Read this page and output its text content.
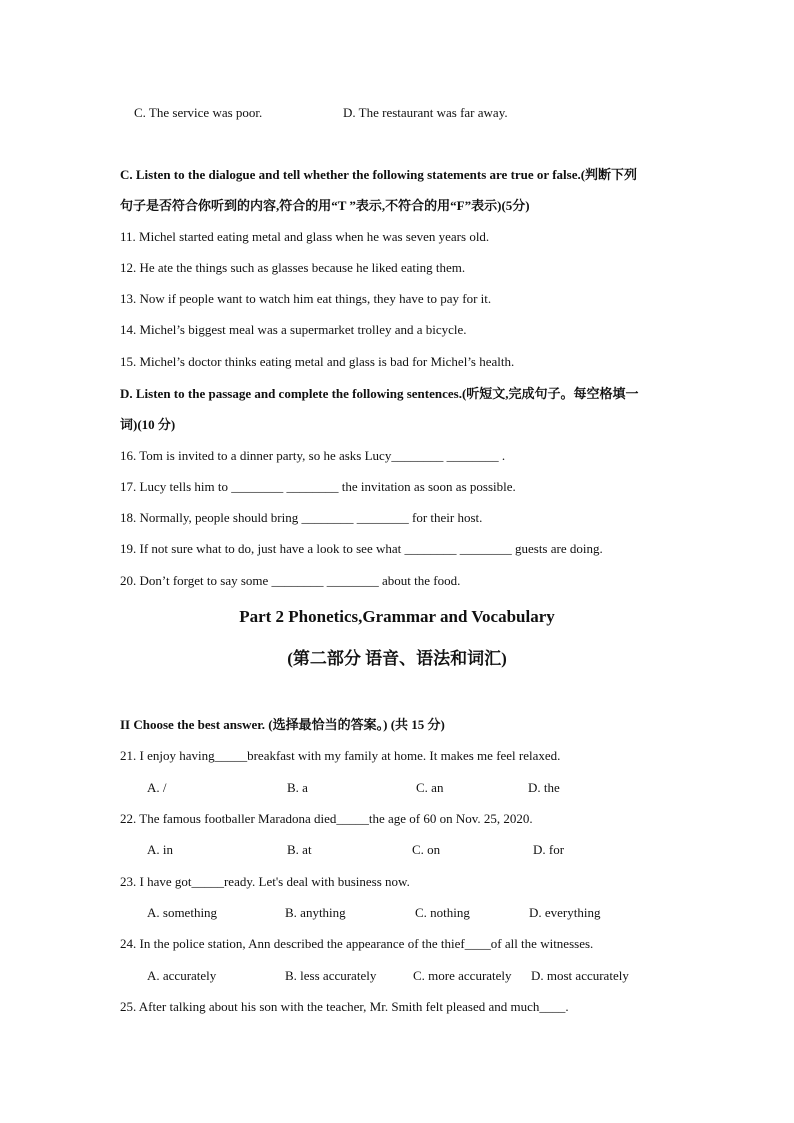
C. The service was poor.	D. The restaurant was far away.
C. Listen to the dialogue and tell whether the following statements are true or false.(判断下列
句子是否符合你听到的内容,符合的用“T ”表示,不符合的用“F”表示)(5分)
11. Michel started eating metal and glass when he was seven years old.
12. He ate the things such as glasses because he liked eating them.
13. Now if people want to watch him eat things, they have to pay for it.
14. Michel’s biggest meal was a supermarket trolley and a bicycle.
15. Michel’s doctor thinks eating metal and glass is bad for Michel’s health.
D. Listen to the passage and complete the following sentences.(听短文,完成句子。每空格填一
词)(10 分)
16. Tom is invited to a dinner party, so he asks Lucy________ ________ .
17. Lucy tells him to ________ ________ the invitation as soon as possible.
18. Normally, people should bring ________ ________ for their host.
19. If not sure what to do, just have a look to see what ________ ________ guests are doing.
20. Don’t forget to say some ________ ________ about the food.
Part 2 Phonetics,Grammar and Vocabulary
(第二部分 语音、语法和词汇)
II Choose the best answer. (选择最恰当的答案。) (共 15 分)
21. I enjoy having_____breakfast with my family at home. It makes me feel relaxed.
A. /	B. a	C. an	D. the
22. The famous footballer Maradona died_____the age of 60 on Nov. 25, 2020.
A. in	B. at	C. on	D. for
23. I have got_____ready. Let's deal with business now.
A. something	B. anything	C. nothing	D. everything
24. In the police station, Ann described the appearance of the thief____of all the witnesses.
A. accurately	B. less accurately	C. more accurately D. most accurately
25. After talking about his son with the teacher, Mr. Smith felt pleased and much____.
